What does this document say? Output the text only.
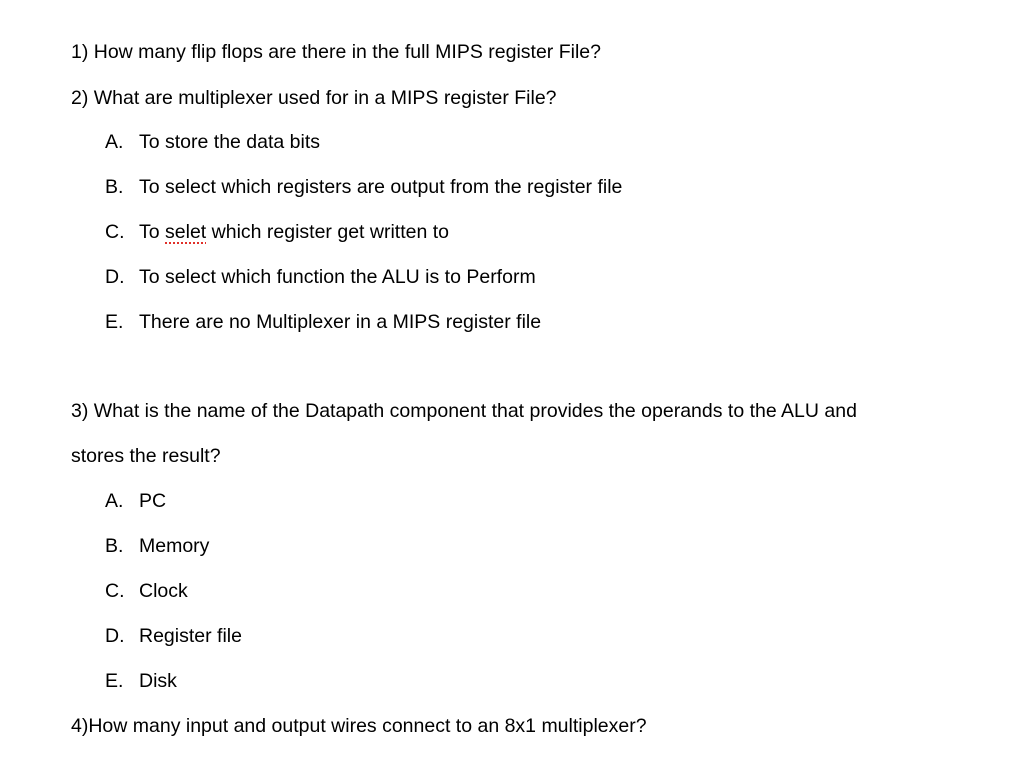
1) How many flip flops are there in the full MIPS register File?
2) What are multiplexer used for in a MIPS register File?
A. To store the data bits
B. To select which registers are output from the register file
C. To selet which register get written to
D. To select which function the ALU is to Perform
E. There are no Multiplexer in a MIPS register file
3) What is the name of the Datapath component that provides the operands to the ALU and
stores the result?
A. PC
B. Memory
C. Clock
D. Register file
E. Disk
4)How many input and output wires connect to an 8x1 multiplexer?
